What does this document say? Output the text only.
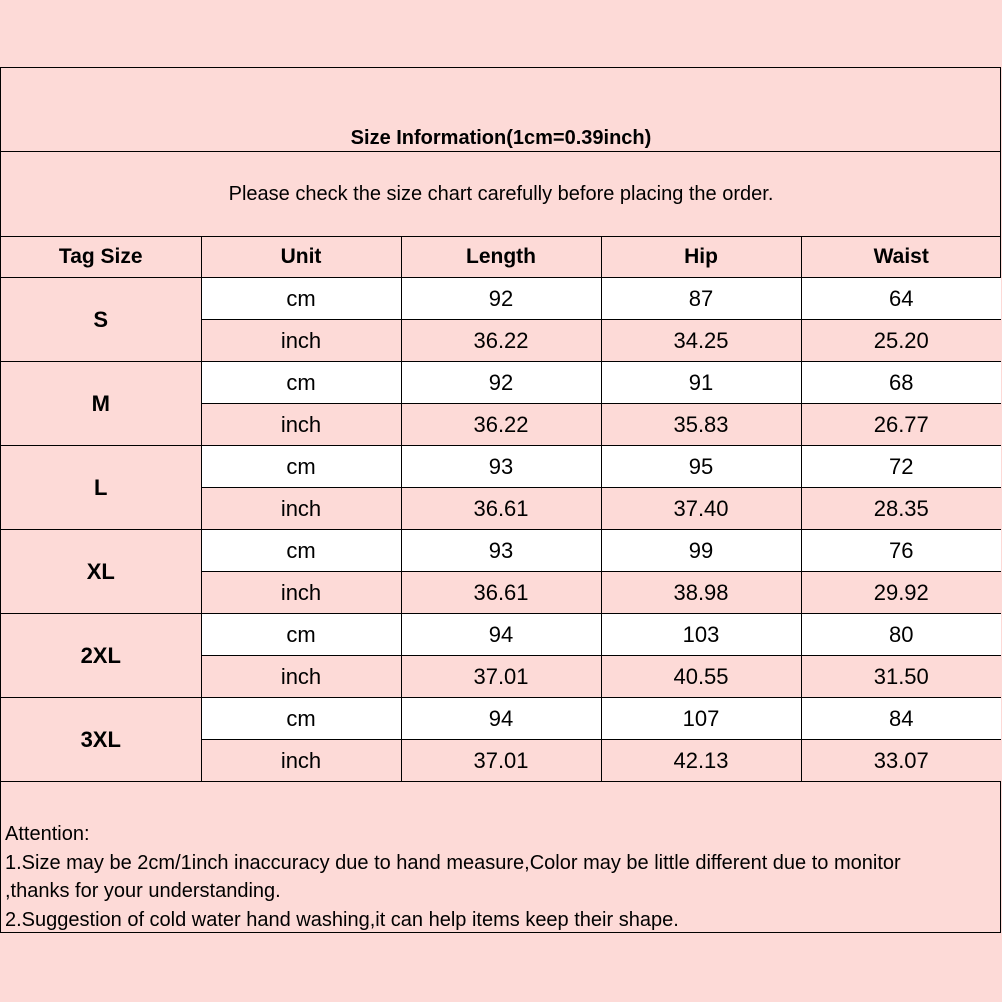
Size Information(1cm=0.39inch)
Please check the size chart carefully before placing the order.
Tag Size	Unit	Length	Hip	Waist
S	cm	92	87	64
	inch	36.22	34.25	25.20
M	cm	92	91	68
	inch	36.22	35.83	26.77
L	cm	93	95	72
	inch	36.61	37.40	28.35
XL	cm	93	99	76
	inch	36.61	38.98	29.92
2XL	cm	94	103	80
	inch	37.01	40.55	31.50
3XL	cm	94	107	84
	inch	37.01	42.13	33.07
Attention:
1.Size may be 2cm/1inch inaccuracy due to hand measure,Color may be little different due to monitor
,thanks for your understanding.
2.Suggestion of cold water hand washing,it can help items keep their shape.
